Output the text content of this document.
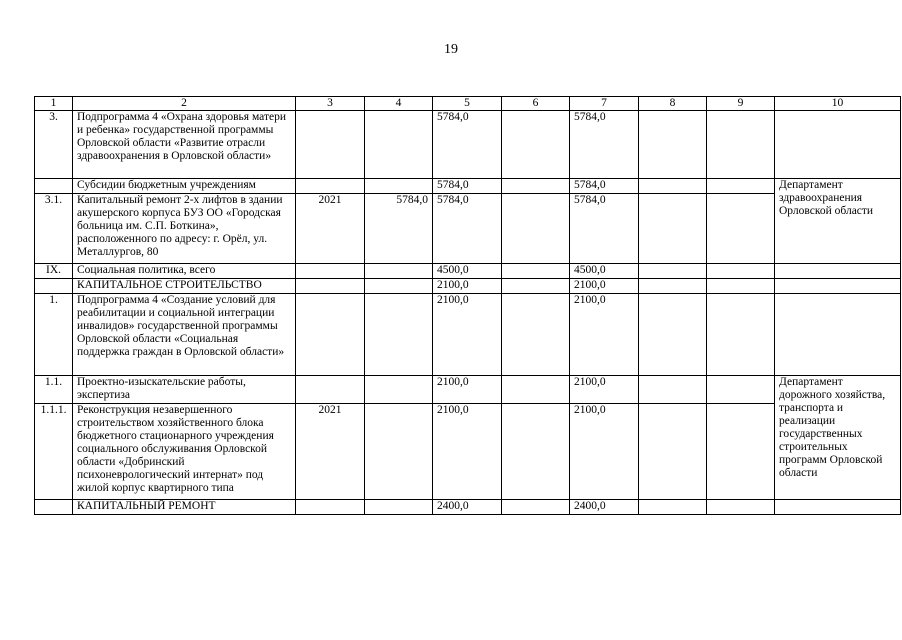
19
1	2	3	4	5	6	7	8	9	10
3.	Подпрограмма 4 «Охрана здоровья матери и ребенка» государственной программы Орловской области «Развитие отрасли здравоохранения в Орловской области»			5784,0		5784,0			
	Субсидии бюджетным учреждениям			5784,0		5784,0			Департамент здравоохранения Орловской области
3.1.	Капитальный ремонт 2-х лифтов в здании акушерского корпуса БУЗ ОО «Городская больница им. С.П. Боткина», расположенного по адресу: г. Орёл, ул. Металлургов, 80	2021	5784,0	5784,0		5784,0			
IX.	Социальная политика, всего			4500,0		4500,0			
	КАПИТАЛЬНОЕ СТРОИТЕЛЬСТВО			2100,0		2100,0			
1.	Подпрограмма 4 «Создание условий для реабилитации и социальной интеграции инвалидов» государственной программы Орловской области «Социальная поддержка граждан в Орловской области»			2100,0		2100,0			
1.1.	Проектно-изыскательские работы, экспертиза			2100,0		2100,0			Департамент дорожного хозяйства, транспорта и реализации государственных строительных программ Орловской области
1.1.1.	Реконструкция незавершенного строительством хозяйственного блока бюджетного стационарного учреждения социального обслуживания Орловской области «Добринский психоневрологический интернат» под жилой корпус квартирного типа	2021		2100,0		2100,0			
	КАПИТАЛЬНЫЙ РЕМОНТ			2400,0		2400,0			
